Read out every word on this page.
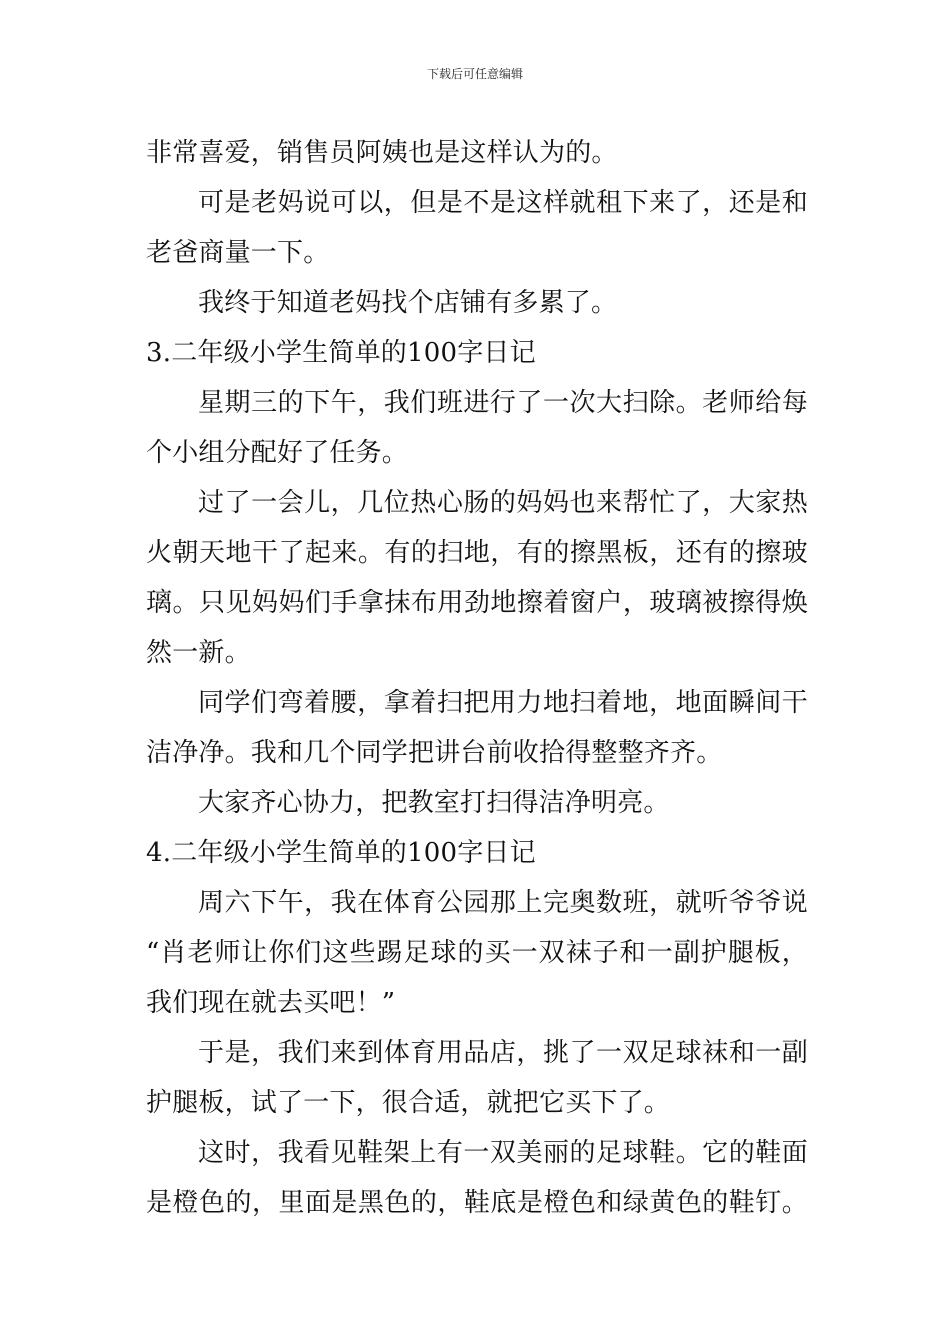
下载后可任意编辑
非常喜爱，销售员阿姨也是这样认为的。
可是老妈说可以，但是不是这样就租下来了，还是和
老爸商量一下。
我终于知道老妈找个店铺有多累了。
3.二年级小学生简单的100字日记
星期三的下午，我们班进行了一次大扫除。老师给每
个小组分配好了任务。
过了一会儿，几位热心肠的妈妈也来帮忙了，大家热
火朝天地干了起来。有的扫地，有的擦黑板，还有的擦玻
璃。只见妈妈们手拿抹布用劲地擦着窗户，玻璃被擦得焕
然一新。
同学们弯着腰，拿着扫把用力地扫着地，地面瞬间干
洁净净。我和几个同学把讲台前收拾得整整齐齐。
大家齐心协力，把教室打扫得洁净明亮。
4.二年级小学生简单的100字日记
周六下午，我在体育公园那上完奥数班，就听爷爷说
“肖老师让你们这些踢足球的买一双袜子和一副护腿板，
我们现在就去买吧！”
于是，我们来到体育用品店，挑了一双足球袜和一副
护腿板，试了一下，很合适，就把它买下了。
这时，我看见鞋架上有一双美丽的足球鞋。它的鞋面
是橙色的，里面是黑色的，鞋底是橙色和绿黄色的鞋钉。
